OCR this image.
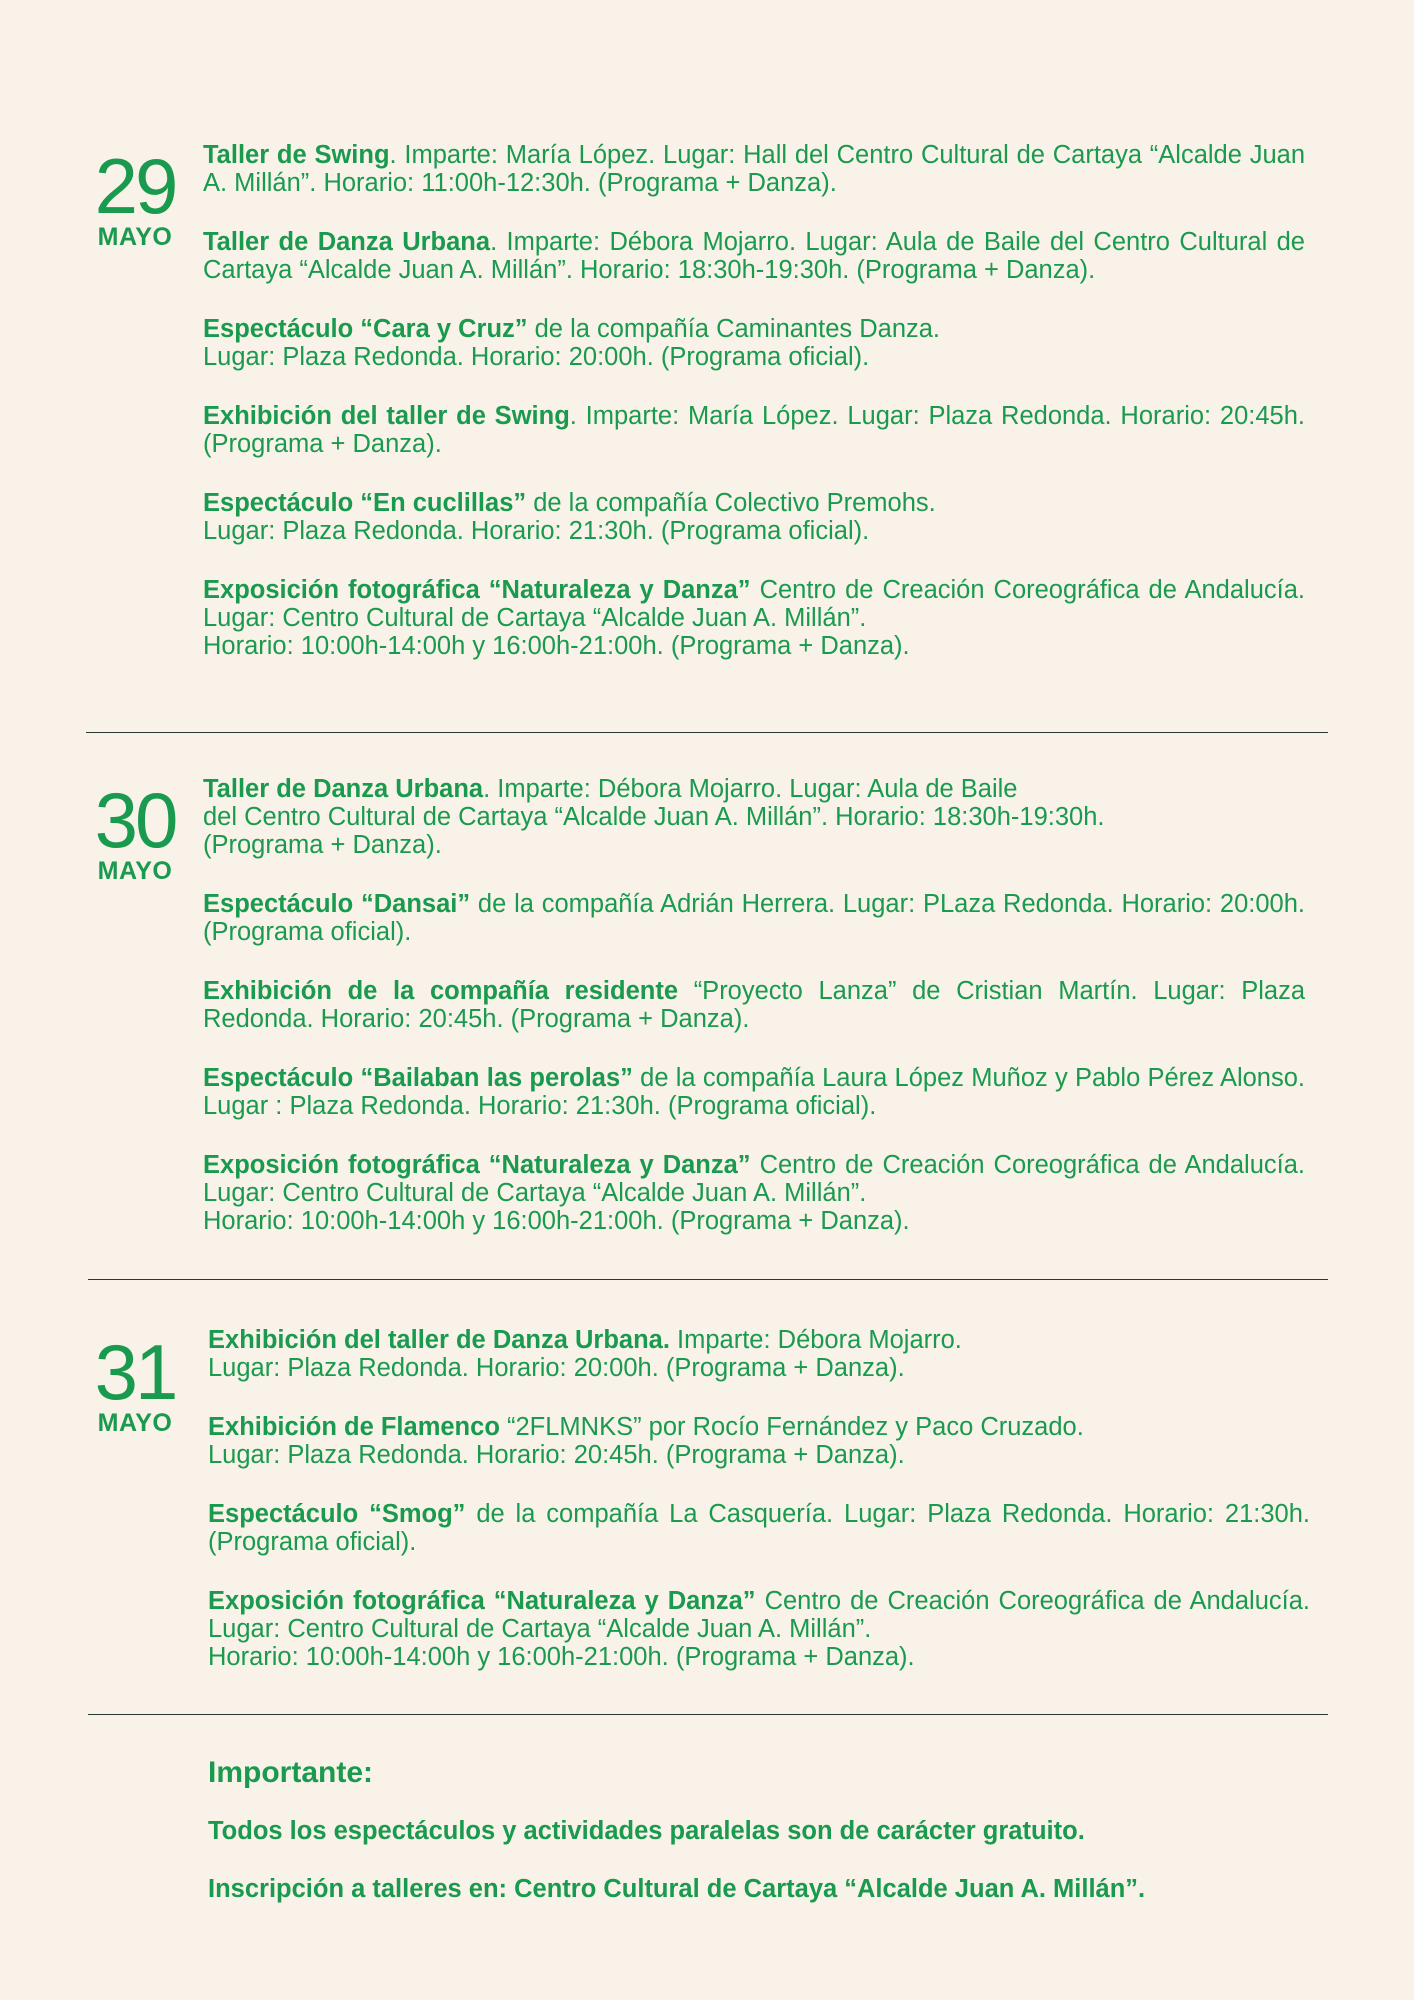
29
MAYO

Taller de Swing. Imparte: María López. Lugar: Hall del Centro Cultural de Cartaya “Alcalde Juan A. Millán”. Horario: 11:00h-12:30h. (Programa + Danza).

Taller de Danza Urbana. Imparte: Débora Mojarro. Lugar: Aula de Baile del Centro Cultural de Cartaya “Alcalde Juan A. Millán”. Horario: 18:30h-19:30h. (Programa + Danza).

Espectáculo “Cara y Cruz” de la compañía Caminantes Danza.
Lugar: Plaza Redonda. Horario: 20:00h. (Programa oficial).

Exhibición del taller de Swing. Imparte: María López. Lugar: Plaza Redonda. Horario: 20:45h. (Programa + Danza).

Espectáculo “En cuclillas” de la compañía Colectivo Premohs.
Lugar: Plaza Redonda. Horario: 21:30h. (Programa oficial).

Exposición fotográfica “Naturaleza y Danza” Centro de Creación Coreográfica de Andalucía. Lugar: Centro Cultural de Cartaya “Alcalde Juan A. Millán”.
Horario: 10:00h-14:00h y 16:00h-21:00h. (Programa + Danza).

30
MAYO

Taller de Danza Urbana. Imparte: Débora Mojarro. Lugar: Aula de Baile
del Centro Cultural de Cartaya “Alcalde Juan A. Millán”. Horario: 18:30h-19:30h.
(Programa + Danza).

Espectáculo “Dansai” de la compañía Adrián Herrera. Lugar: PLaza Redonda. Horario: 20:00h. (Programa oficial).

Exhibición de la compañía residente “Proyecto Lanza” de Cristian Martín. Lugar: Plaza Redonda. Horario: 20:45h. (Programa + Danza).

Espectáculo “Bailaban las perolas” de la compañía Laura López Muñoz y Pablo Pérez Alonso. Lugar : Plaza Redonda. Horario: 21:30h. (Programa oficial).

Exposición fotográfica “Naturaleza y Danza” Centro de Creación Coreográfica de Andalucía. Lugar: Centro Cultural de Cartaya “Alcalde Juan A. Millán”.
Horario: 10:00h-14:00h y 16:00h-21:00h. (Programa + Danza).

31
MAYO

Exhibición del taller de Danza Urbana. Imparte: Débora Mojarro.
Lugar: Plaza Redonda. Horario: 20:00h. (Programa + Danza).

Exhibición de Flamenco “2FLMNKS” por Rocío Fernández y Paco Cruzado.
Lugar: Plaza Redonda. Horario: 20:45h. (Programa + Danza).

Espectáculo “Smog” de la compañía La Casquería. Lugar: Plaza Redonda. Horario: 21:30h. (Programa oficial).

Exposición fotográfica “Naturaleza y Danza” Centro de Creación Coreográfica de Andalucía. Lugar: Centro Cultural de Cartaya “Alcalde Juan A. Millán”.
Horario: 10:00h-14:00h y 16:00h-21:00h. (Programa + Danza).

Importante:

Todos los espectáculos y actividades paralelas son de carácter gratuito.

Inscripción a talleres en: Centro Cultural de Cartaya “Alcalde Juan A. Millán”.
